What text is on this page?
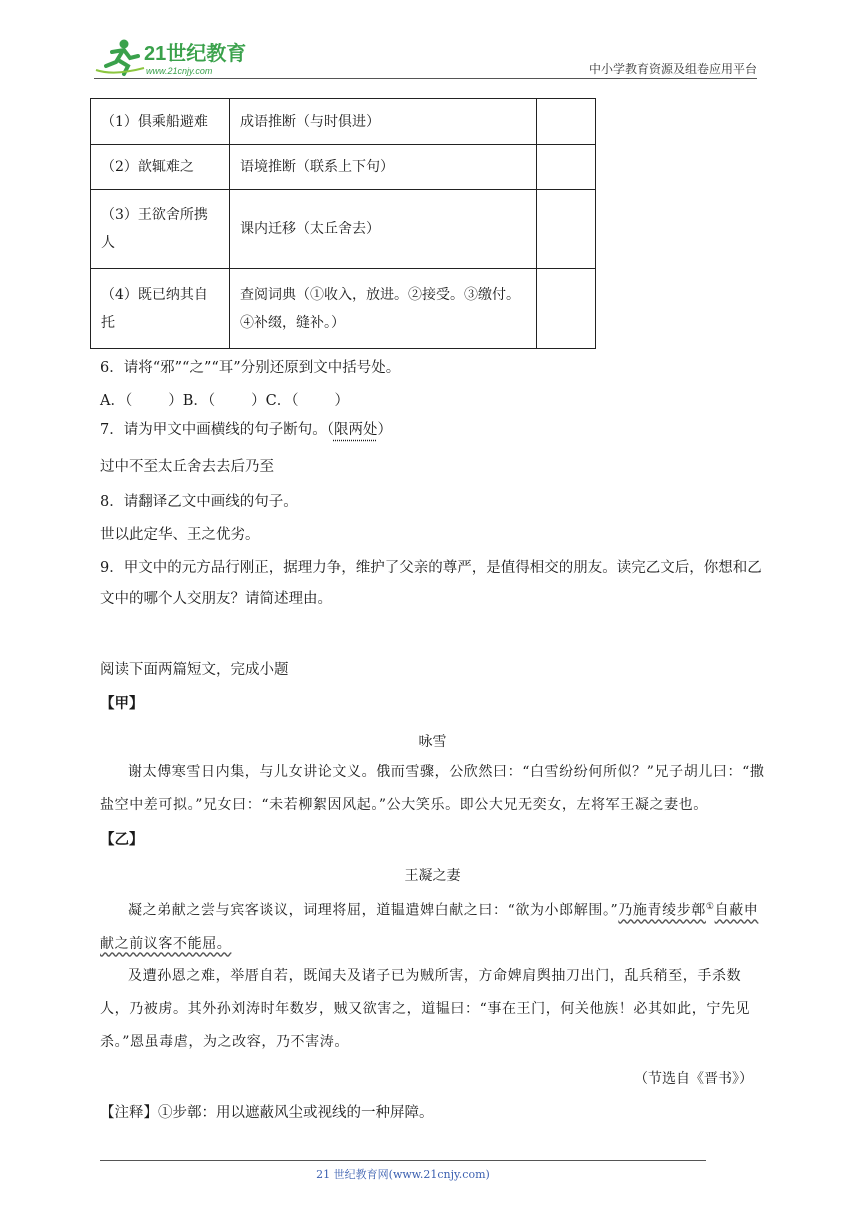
21世纪教育
www.21cnjy.com	中小学教育资源及组卷应用平台
（1）俱乘船避难	成语推断（与时俱进）	
（2）歆辄难之	语境推断（联系上下句）	
（3）王欲舍所携人	课内迁移（太丘舍去）	
（4）既已纳其自托	查阅词典（①收入，放进。②接受。③缴付。④补缀，缝补。）	
6．请将“邪”“之”“耳”分别还原到文中括号处。
A．（ ）B．（ ）C．（ ）
7．请为甲文中画横线的句子断句。（限两处）
过中不至太丘舍去去后乃至
8．请翻译乙文中画线的句子。
世以此定华、王之优劣。
9．甲文中的元方品行刚正，据理力争，维护了父亲的尊严，是值得相交的朋友。读完乙文后，你想和乙文中的哪个人交朋友？请简述理由。
阅读下面两篇短文，完成小题
【甲】
咏雪
谢太傅寒雪日内集，与儿女讲论文义。俄而雪骤，公欣然曰：“白雪纷纷何所似？”兄子胡儿曰：“撒盐空中差可拟。”兄女曰：“未若柳絮因风起。”公大笑乐。即公大兄无奕女，左将军王凝之妻也。
【乙】
王凝之妻
凝之弟献之尝与宾客谈议，词理将屈，道韫遣婢白献之曰：“欲为小郎解围。”乃施青绫步鄣①自蔽申献之前议客不能屈。
及遭孙恩之难，举厝自若，既闻夫及诸子已为贼所害，方命婢肩舆抽刀出门，乱兵稍至，手杀数人，乃被虏。其外孙刘涛时年数岁，贼又欲害之，道韫曰：“事在王门，何关他族！必其如此，宁先见杀。”恩虽毒虐，为之改容，乃不害涛。
（节选自《晋书》）
【注释】①步鄣：用以遮蔽风尘或视线的一种屏障。
21 世纪教育网(www.21cnjy.com)
